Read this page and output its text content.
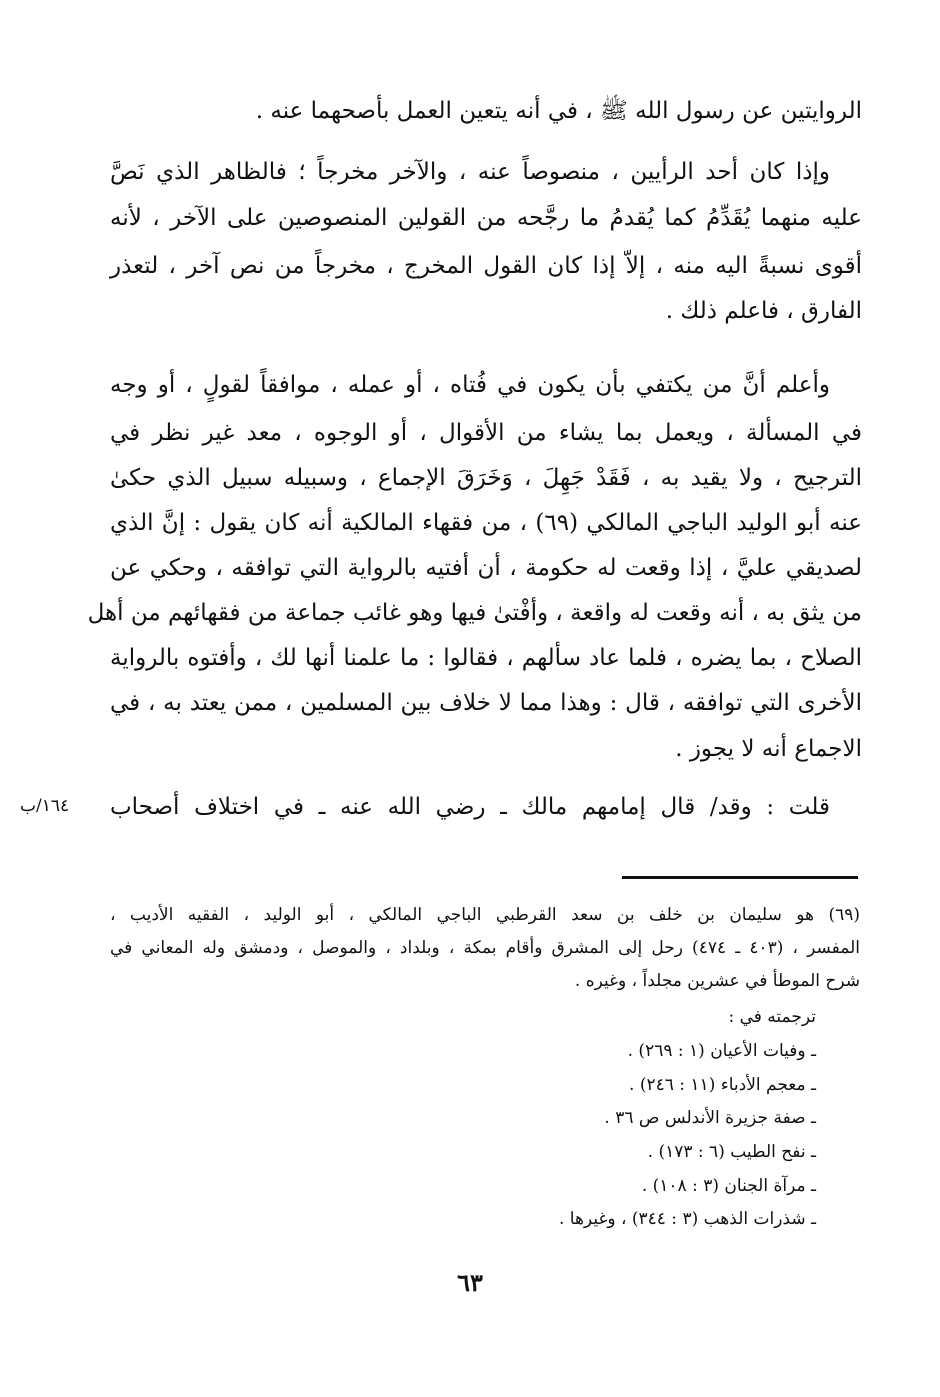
الروايتين عن رسول الله ﷺ ، في أنه يتعين العمل بأصحهما عنه .
وإذا كان أحد الرأيين ، منصوصاً عنه ، والآخر مخرجاً ؛ فالظاهر الذي نَصَّ
عليه منهما يُقَدِّمُ كما يُقدمُ ما رجَّحه من القولين المنصوصين على الآخر ، لأنه
أقوى نسبةً اليه منه ، إلاّ إذا كان القول المخرج ، مخرجاً من نص آخر ، لتعذر
الفارق ، فاعلم ذلك .
وأعلم أنَّ من يكتفي بأن يكون في فُتاه ، أو عمله ، موافقاً لقولٍ ، أو وجه
في المسألة ، ويعمل بما يشاء من الأقوال ، أو الوجوه ، معد غير نظر في
الترجيح ، ولا يقيد به ، فَقَدْ جَهِلَ ، وَخَرَقَ الإجماع ، وسبيله سبيل الذي حكىٰ
عنه أبو الوليد الباجي المالكي (٦٩) ، من فقهاء المالكية أنه كان يقول : إنَّ الذي
لصديقي عليَّ ، إذا وقعت له حكومة ، أن أفتيه بالرواية التي توافقه ، وحكي عن
من يثق به ، أنه وقعت له واقعة ، وأفْتىٰ فيها وهو غائب جماعة من فقهائهم من أهل
الصلاح ، بما يضره ، فلما عاد سألهم ، فقالوا : ما علمنا أنها لك ، وأفتوه بالرواية
الأخرى التي توافقه ، قال : وهذا مما لا خلاف بين المسلمين ، ممن يعتد به ، في
الاجماع أنه لا يجوز .
قلت : وقد/ قال إمامهم مالك ـ رضي الله عنه ـ في اختلاف أصحاب
١٦٤/ب
(٦٩) هو سليمان بن خلف بن سعد القرطبي الباجي المالكي ، أبو الوليد ، الفقيه الأديب ،
المفسر ، (٤٠٣ ـ ٤٧٤) رحل إلى المشرق وأقام بمكة ، وبلداد ، والموصل ، ودمشق وله المعاني في
شرح الموطأ في عشرين مجلداً ، وغيره .
ترجمته في :
ـ وفيات الأعيان (١ : ٢٦٩) .
ـ معجم الأدباء (١١ : ٢٤٦) .
ـ صفة جزيرة الأندلس ص ٣٦ .
ـ نفح الطيب (٦ : ١٧٣) .
ـ مرآة الجنان (٣ : ١٠٨) .
ـ شذرات الذهب (٣ : ٣٤٤) ، وغيرها .
٦٣
